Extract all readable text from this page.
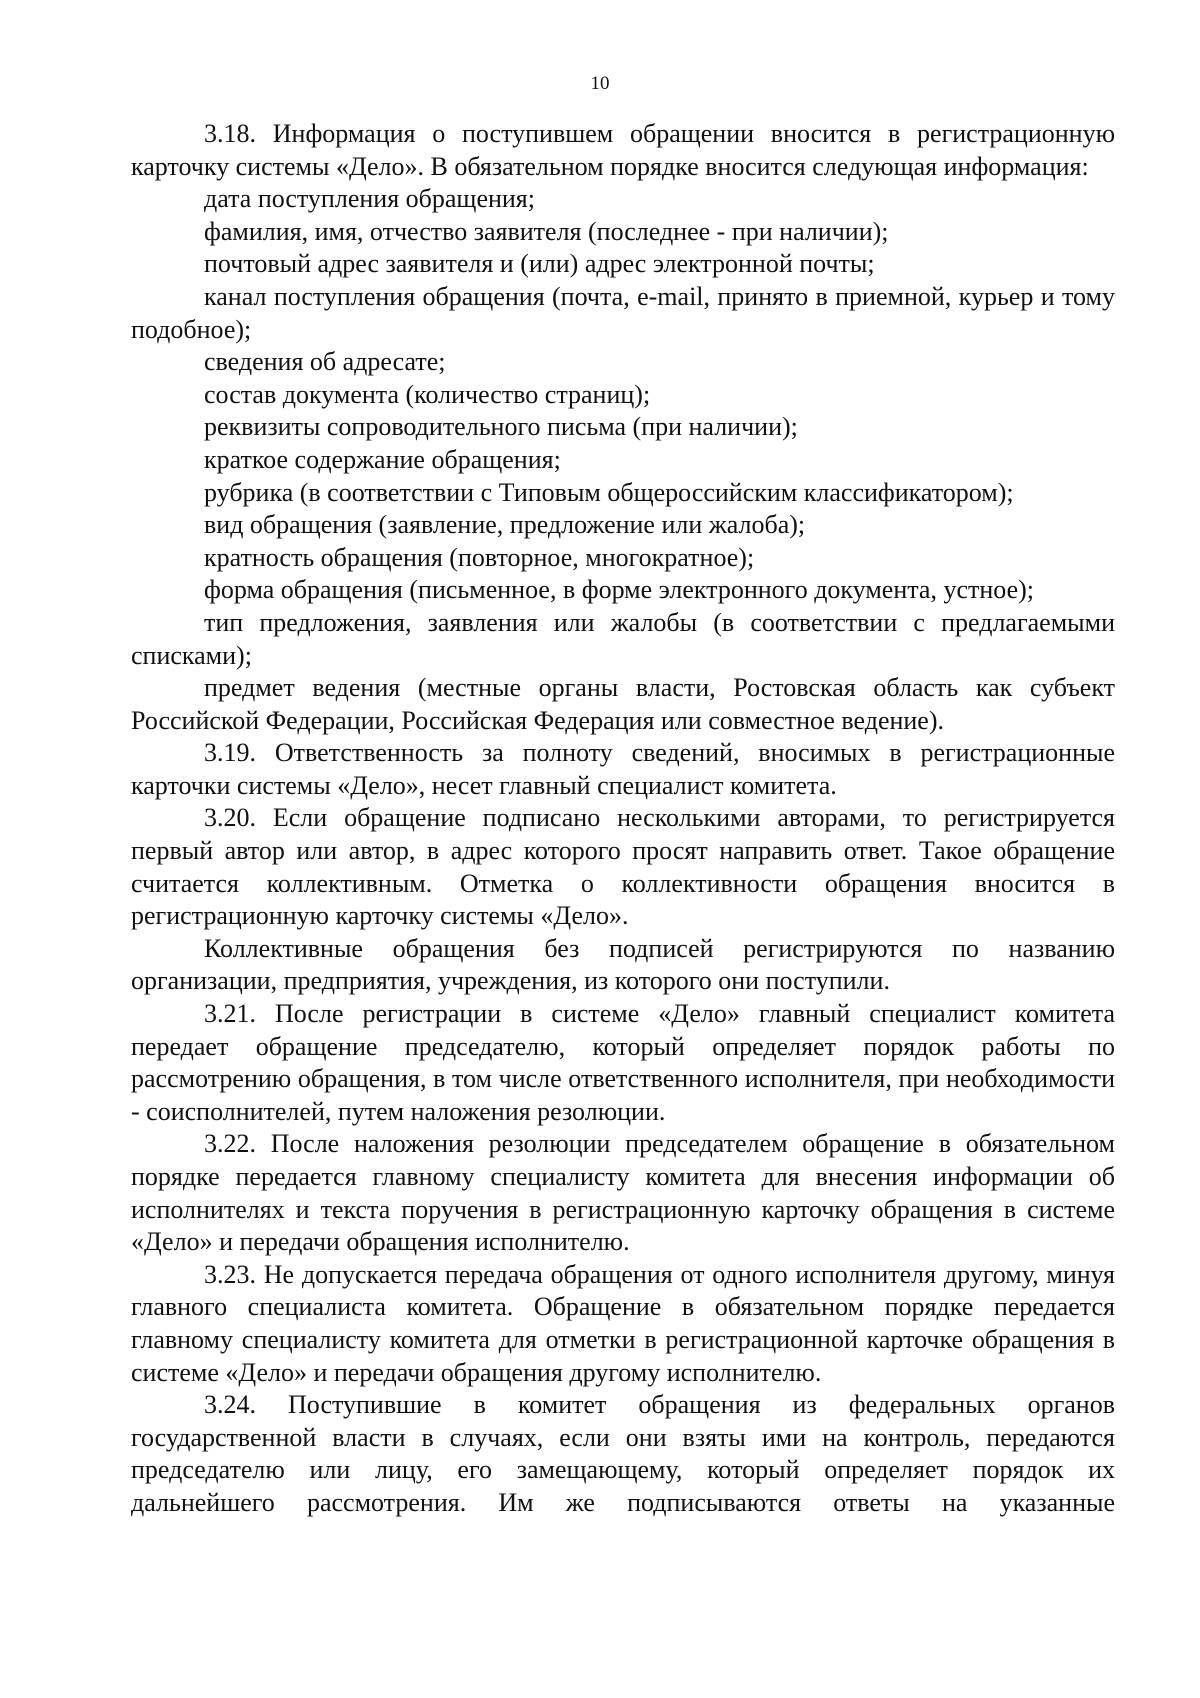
10

3.18. Информация о поступившем обращении вносится в регистрационную карточку системы «Дело». В обязательном порядке вносится следующая информация:

дата поступления обращения;

фамилия, имя, отчество заявителя (последнее - при наличии);

почтовый адрес заявителя и (или) адрес электронной почты;

канал поступления обращения (почта, e-mail, принято в приемной, курьер и тому подобное);

сведения об адресате;

состав документа (количество страниц);

реквизиты сопроводительного письма (при наличии);

краткое содержание обращения;

рубрика (в соответствии с Типовым общероссийским классификатором);

вид обращения (заявление, предложение или жалоба);

кратность обращения (повторное, многократное);

форма обращения (письменное, в форме электронного документа, устное);

тип предложения, заявления или жалобы (в соответствии с предлагаемыми списками);

предмет ведения (местные органы власти, Ростовская область как субъект Российской Федерации, Российская Федерация или совместное ведение).

3.19. Ответственность за полноту сведений, вносимых в регистрационные карточки системы «Дело», несет главный специалист комитета.

3.20. Если обращение подписано несколькими авторами, то регистрируется первый автор или автор, в адрес которого просят направить ответ. Такое обращение считается коллективным. Отметка о коллективности обращения вносится в регистрационную карточку системы «Дело».

Коллективные обращения без подписей регистрируются по названию организации, предприятия, учреждения, из которого они поступили.

3.21. После регистрации в системе «Дело» главный специалист комитета передает обращение председателю, который определяет порядок работы по рассмотрению обращения, в том числе ответственного исполнителя, при необходимости - соисполнителей, путем наложения резолюции.

3.22. После наложения резолюции председателем обращение в обязательном порядке передается главному специалисту комитета для внесения информации об исполнителях и текста поручения в регистрационную карточку обращения в системе «Дело» и передачи обращения исполнителю.

3.23. Не допускается передача обращения от одного исполнителя другому, минуя главного специалиста комитета. Обращение в обязательном порядке передается главному специалисту комитета для отметки в регистрационной карточке обращения в системе «Дело» и передачи обращения другому исполнителю.

3.24. Поступившие в комитет обращения из федеральных органов государственной власти в случаях, если они взяты ими на контроль, передаются председателю или лицу, его замещающему, который определяет порядок их дальнейшего рассмотрения. Им же подписываются ответы на указанные
